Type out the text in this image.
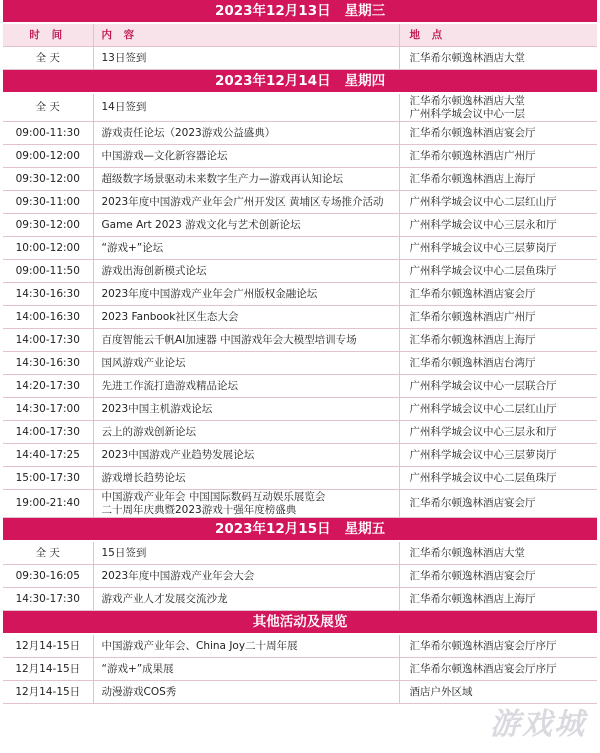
2023年12月13日 星期三		
时 间	内 容	地 点
全 天	13日签到	汇华希尔顿逸林酒店大堂

2023年12月14日 星期四		
全 天	14日签到	汇华希尔顿逸林酒店大堂
广州科学城会议中心一层

09:00-11:30	游戏责任论坛（2023游戏公益盛典）	汇华希尔顿逸林酒店宴会厅

09:00-12:00	中国游戏—文化新容器论坛	汇华希尔顿逸林酒店广州厅

09:30-12:00	超级数字场景驱动未来数字生产力—游戏再认知论坛	汇华希尔顿逸林酒店上海厅

09:30-11:00	2023年度中国游戏产业年会广州开发区 黄埔区专场推介活动	广州科学城会议中心二层红山厅

09:30-12:00	Game Art 2023 游戏文化与艺术创新论坛	广州科学城会议中心三层永和厅

10:00-12:00	“游戏+”论坛	广州科学城会议中心三层萝岗厅

09:00-11:50	游戏出海创新模式论坛	广州科学城会议中心二层鱼珠厅

14:30-16:30	2023年度中国游戏产业年会广州版权金融论坛	汇华希尔顿逸林酒店宴会厅

14:00-16:30	2023 Fanbook社区生态大会	汇华希尔顿逸林酒店广州厅

14:00-17:30	百度智能云千帆AI加速器 中国游戏年会大模型培训专场	汇华希尔顿逸林酒店上海厅

14:30-16:30	国风游戏产业论坛	汇华希尔顿逸林酒店台湾厅

14:20-17:30	先进工作流打造游戏精品论坛	广州科学城会议中心一层联合厅

14:30-17:00	2023中国主机游戏论坛	广州科学城会议中心二层红山厅

14:00-17:30	云上的游戏创新论坛	广州科学城会议中心三层永和厅

14:40-17:25	2023中国游戏产业趋势发展论坛	广州科学城会议中心三层萝岗厅

15:00-17:30	游戏增长趋势论坛	广州科学城会议中心二层鱼珠厅

19:00-21:40	中国游戏产业年会 中国国际数码互动娱乐展览会
二十周年庆典暨2023游戏十强年度榜盛典	汇华希尔顿逸林酒店宴会厅

2023年12月15日 星期五		
全 天	15日签到	汇华希尔顿逸林酒店大堂

09:30-16:05	2023年度中国游戏产业年会大会	汇华希尔顿逸林酒店宴会厅

14:30-17:30	游戏产业人才发展交流沙龙	汇华希尔顿逸林酒店上海厅

其他活动及展览		
12月14-15日	中国游戏产业年会、China Joy二十周年展	汇华希尔顿逸林酒店宴会厅序厅

12月14-15日	“游戏+”成果展	汇华希尔顿逸林酒店宴会厅序厅

12月14-15日	动漫游戏COS秀	酒店户外区域
游戏城
